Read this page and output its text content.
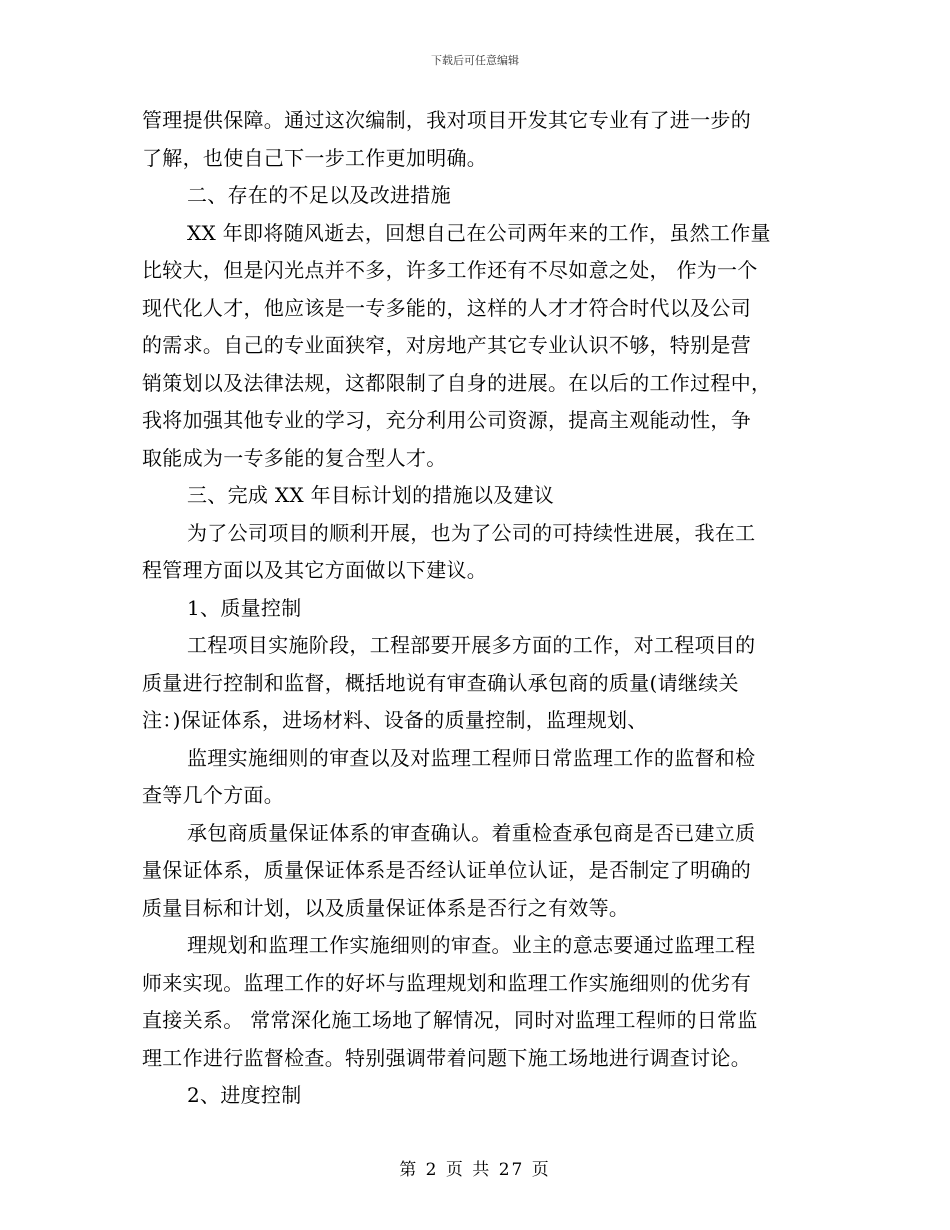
下载后可任意编辑
管理提供保障。通过这次编制，我对项目开发其它专业有了进一步的
了解，也使自己下一步工作更加明确。
二、存在的不足以及改进措施
XX 年即将随风逝去，回想自己在公司两年来的工作，虽然工作量
比较大，但是闪光点并不多，许多工作还有不尽如意之处， 作为一个
现代化人才，他应该是一专多能的，这样的人才才符合时代以及公司
的需求。自己的专业面狭窄，对房地产其它专业认识不够，特别是营
销策划以及法律法规，这都限制了自身的进展。在以后的工作过程中，
我将加强其他专业的学习，充分利用公司资源，提高主观能动性，争
取能成为一专多能的复合型人才。
三、完成 XX 年目标计划的措施以及建议
为了公司项目的顺利开展，也为了公司的可持续性进展，我在工
程管理方面以及其它方面做以下建议。
1、质量控制
工程项目实施阶段，工程部要开展多方面的工作，对工程项目的
质量进行控制和监督，概括地说有审查确认承包商的质量(请继续关
注：)保证体系，进场材料、设备的质量控制，监理规划、
监理实施细则的审查以及对监理工程师日常监理工作的监督和检
查等几个方面。
承包商质量保证体系的审查确认。着重检查承包商是否已建立质
量保证体系，质量保证体系是否经认证单位认证，是否制定了明确的
质量目标和计划，以及质量保证体系是否行之有效等。
理规划和监理工作实施细则的审查。业主的意志要通过监理工程
师来实现。监理工作的好坏与监理规划和监理工作实施细则的优劣有
直接关系。 常常深化施工场地了解情况，同时对监理工程师的日常监
理工作进行监督检查。特别强调带着问题下施工场地进行调查讨论。
2、进度控制
第 2 页 共 27 页
